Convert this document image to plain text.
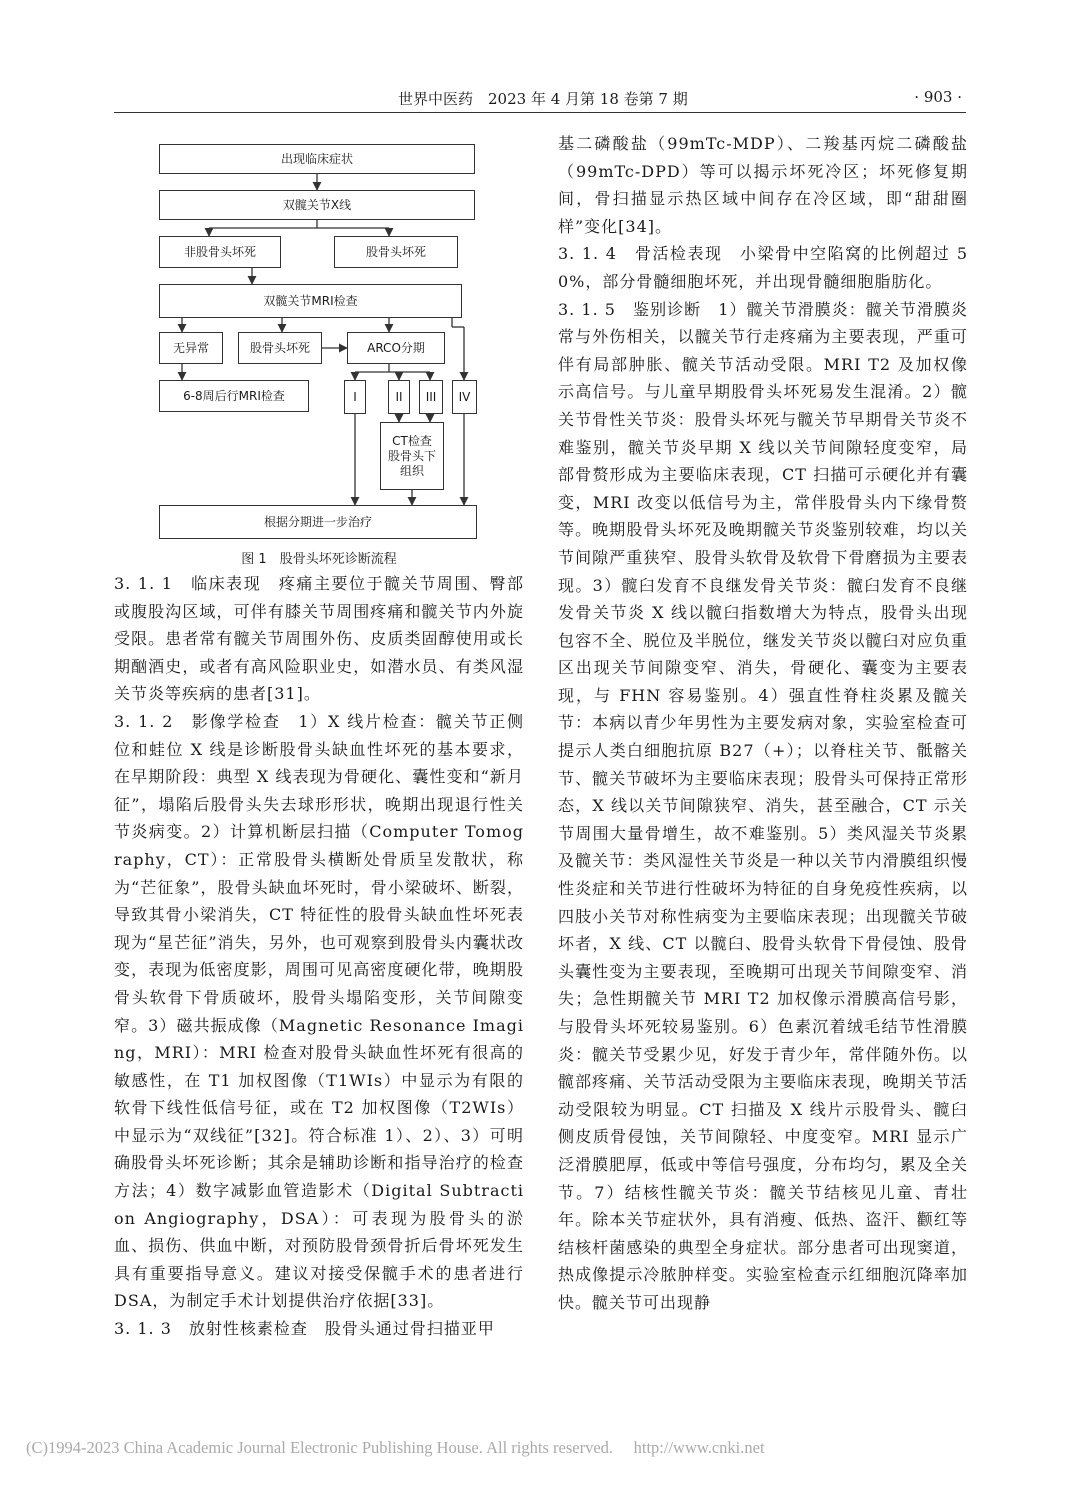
世界中医药　2023 年 4 月第 18 卷第 7 期	· 903 ·
出现临床症状
双髋关节X线
非股骨头坏死	股骨头坏死
双髋关节MRI检查
无异常	股骨头坏死	ARCO分期
6-8周后行MRI检查	I	II	III	IV
CT检查
股骨头下
组织
根据分期进一步治疗
图 1　股骨头坏死诊断流程

3. 1. 1　临床表现　疼痛主要位于髋关节周围、臀部或腹股沟区域，可伴有膝关节周围疼痛和髋关节内外旋受限。患者常有髋关节周围外伤、皮质类固醇使用或长期酗酒史，或者有高风险职业史，如潜水员、有类风湿关节炎等疾病的患者[31]。

3. 1. 2　影像学检查　1）X 线片检查：髋关节正侧位和蛙位 X 线是诊断股骨头缺血性坏死的基本要求，在早期阶段：典型 X 线表现为骨硬化、囊性变和“新月征”，塌陷后股骨头失去球形形状，晚期出现退行性关节炎病变。2）计算机断层扫描（Computer Tomography，CT）：正常股骨头横断处骨质呈发散状，称为“芒征象”，股骨头缺血坏死时，骨小梁破坏、断裂，导致其骨小梁消失，CT 特征性的股骨头缺血性坏死表现为“星芒征”消失，另外，也可观察到股骨头内囊状改变，表现为低密度影，周围可见高密度硬化带，晚期股骨头软骨下骨质破坏，股骨头塌陷变形，关节间隙变窄。3）磁共振成像（Magnetic Resonance Imaging，MRI）：MRI 检查对股骨头缺血性坏死有很高的敏感性，在 T1 加权图像（T1WIs）中显示为有限的软骨下线性低信号征，或在 T2 加权图像（T2WIs）中显示为“双线征”[32]。符合标准 1）、2）、3）可明确股骨头坏死诊断；其余是辅助诊断和指导治疗的检查方法；4）数字减影血管造影术（Digital Subtraction Angiography，DSA）：可表现为股骨头的淤血、损伤、供血中断，对预防股骨颈骨折后骨坏死发生具有重要指导意义。建议对接受保髋手术的患者进行 DSA，为制定手术计划提供治疗依据[33]。

3. 1. 3　放射性核素检查　股骨头通过骨扫描亚甲

基二磷酸盐（99mTc-MDP）、二羧基丙烷二磷酸盐（99mTc-DPD）等可以揭示坏死冷区；坏死修复期间，骨扫描显示热区域中间存在冷区域，即“甜甜圈样”变化[34]。

3. 1. 4　骨活检表现　小梁骨中空陷窝的比例超过 50%，部分骨髓细胞坏死，并出现骨髓细胞脂肪化。

3. 1. 5　鉴别诊断　1）髋关节滑膜炎：髋关节滑膜炎常与外伤相关，以髋关节行走疼痛为主要表现，严重可伴有局部肿胀、髋关节活动受限。MRI T2 及加权像示高信号。与儿童早期股骨头坏死易发生混淆。2）髋关节骨性关节炎：股骨头坏死与髋关节早期骨关节炎不难鉴别，髋关节炎早期 X 线以关节间隙轻度变窄，局部骨赘形成为主要临床表现，CT 扫描可示硬化并有囊变，MRI 改变以低信号为主，常伴股骨头内下缘骨赘等。晚期股骨头坏死及晚期髋关节炎鉴别较难，均以关节间隙严重狭窄、股骨头软骨及软骨下骨磨损为主要表现。3）髋臼发育不良继发骨关节炎：髋臼发育不良继发骨关节炎 X 线以髋臼指数增大为特点，股骨头出现包容不全、脱位及半脱位，继发关节炎以髋臼对应负重区出现关节间隙变窄、消失，骨硬化、囊变为主要表现，与 FHN 容易鉴别。4）强直性脊柱炎累及髋关节：本病以青少年男性为主要发病对象，实验室检查可提示人类白细胞抗原 B27（+）；以脊柱关节、骶髂关节、髋关节破坏为主要临床表现；股骨头可保持正常形态，X 线以关节间隙狭窄、消失，甚至融合，CT 示关节周围大量骨增生，故不难鉴别。5）类风湿关节炎累及髋关节：类风湿性关节炎是一种以关节内滑膜组织慢性炎症和关节进行性破坏为特征的自身免疫性疾病，以四肢小关节对称性病变为主要临床表现；出现髋关节破坏者，X 线、CT 以髋臼、股骨头软骨下骨侵蚀、股骨头囊性变为主要表现，至晚期可出现关节间隙变窄、消失；急性期髋关节 MRI T2 加权像示滑膜高信号影，与股骨头坏死较易鉴别。6）色素沉着绒毛结节性滑膜炎：髋关节受累少见，好发于青少年，常伴随外伤。以髋部疼痛、关节活动受限为主要临床表现，晚期关节活动受限较为明显。CT 扫描及 X 线片示股骨头、髋臼侧皮质骨侵蚀，关节间隙轻、中度变窄。MRI 显示广泛滑膜肥厚，低或中等信号强度，分布均匀，累及全关节。7）结核性髋关节炎：髋关节结核见儿童、青壮年。除本关节症状外，具有消瘦、低热、盗汗、颧红等结核杆菌感染的典型全身症状。部分患者可出现窦道，热成像提示冷脓肿样变。实验室检查示红细胞沉降率加快。髋关节可出现静

(C)1994-2023 China Academic Journal Electronic Publishing House. All rights reserved.　 http://www.cnki.net
